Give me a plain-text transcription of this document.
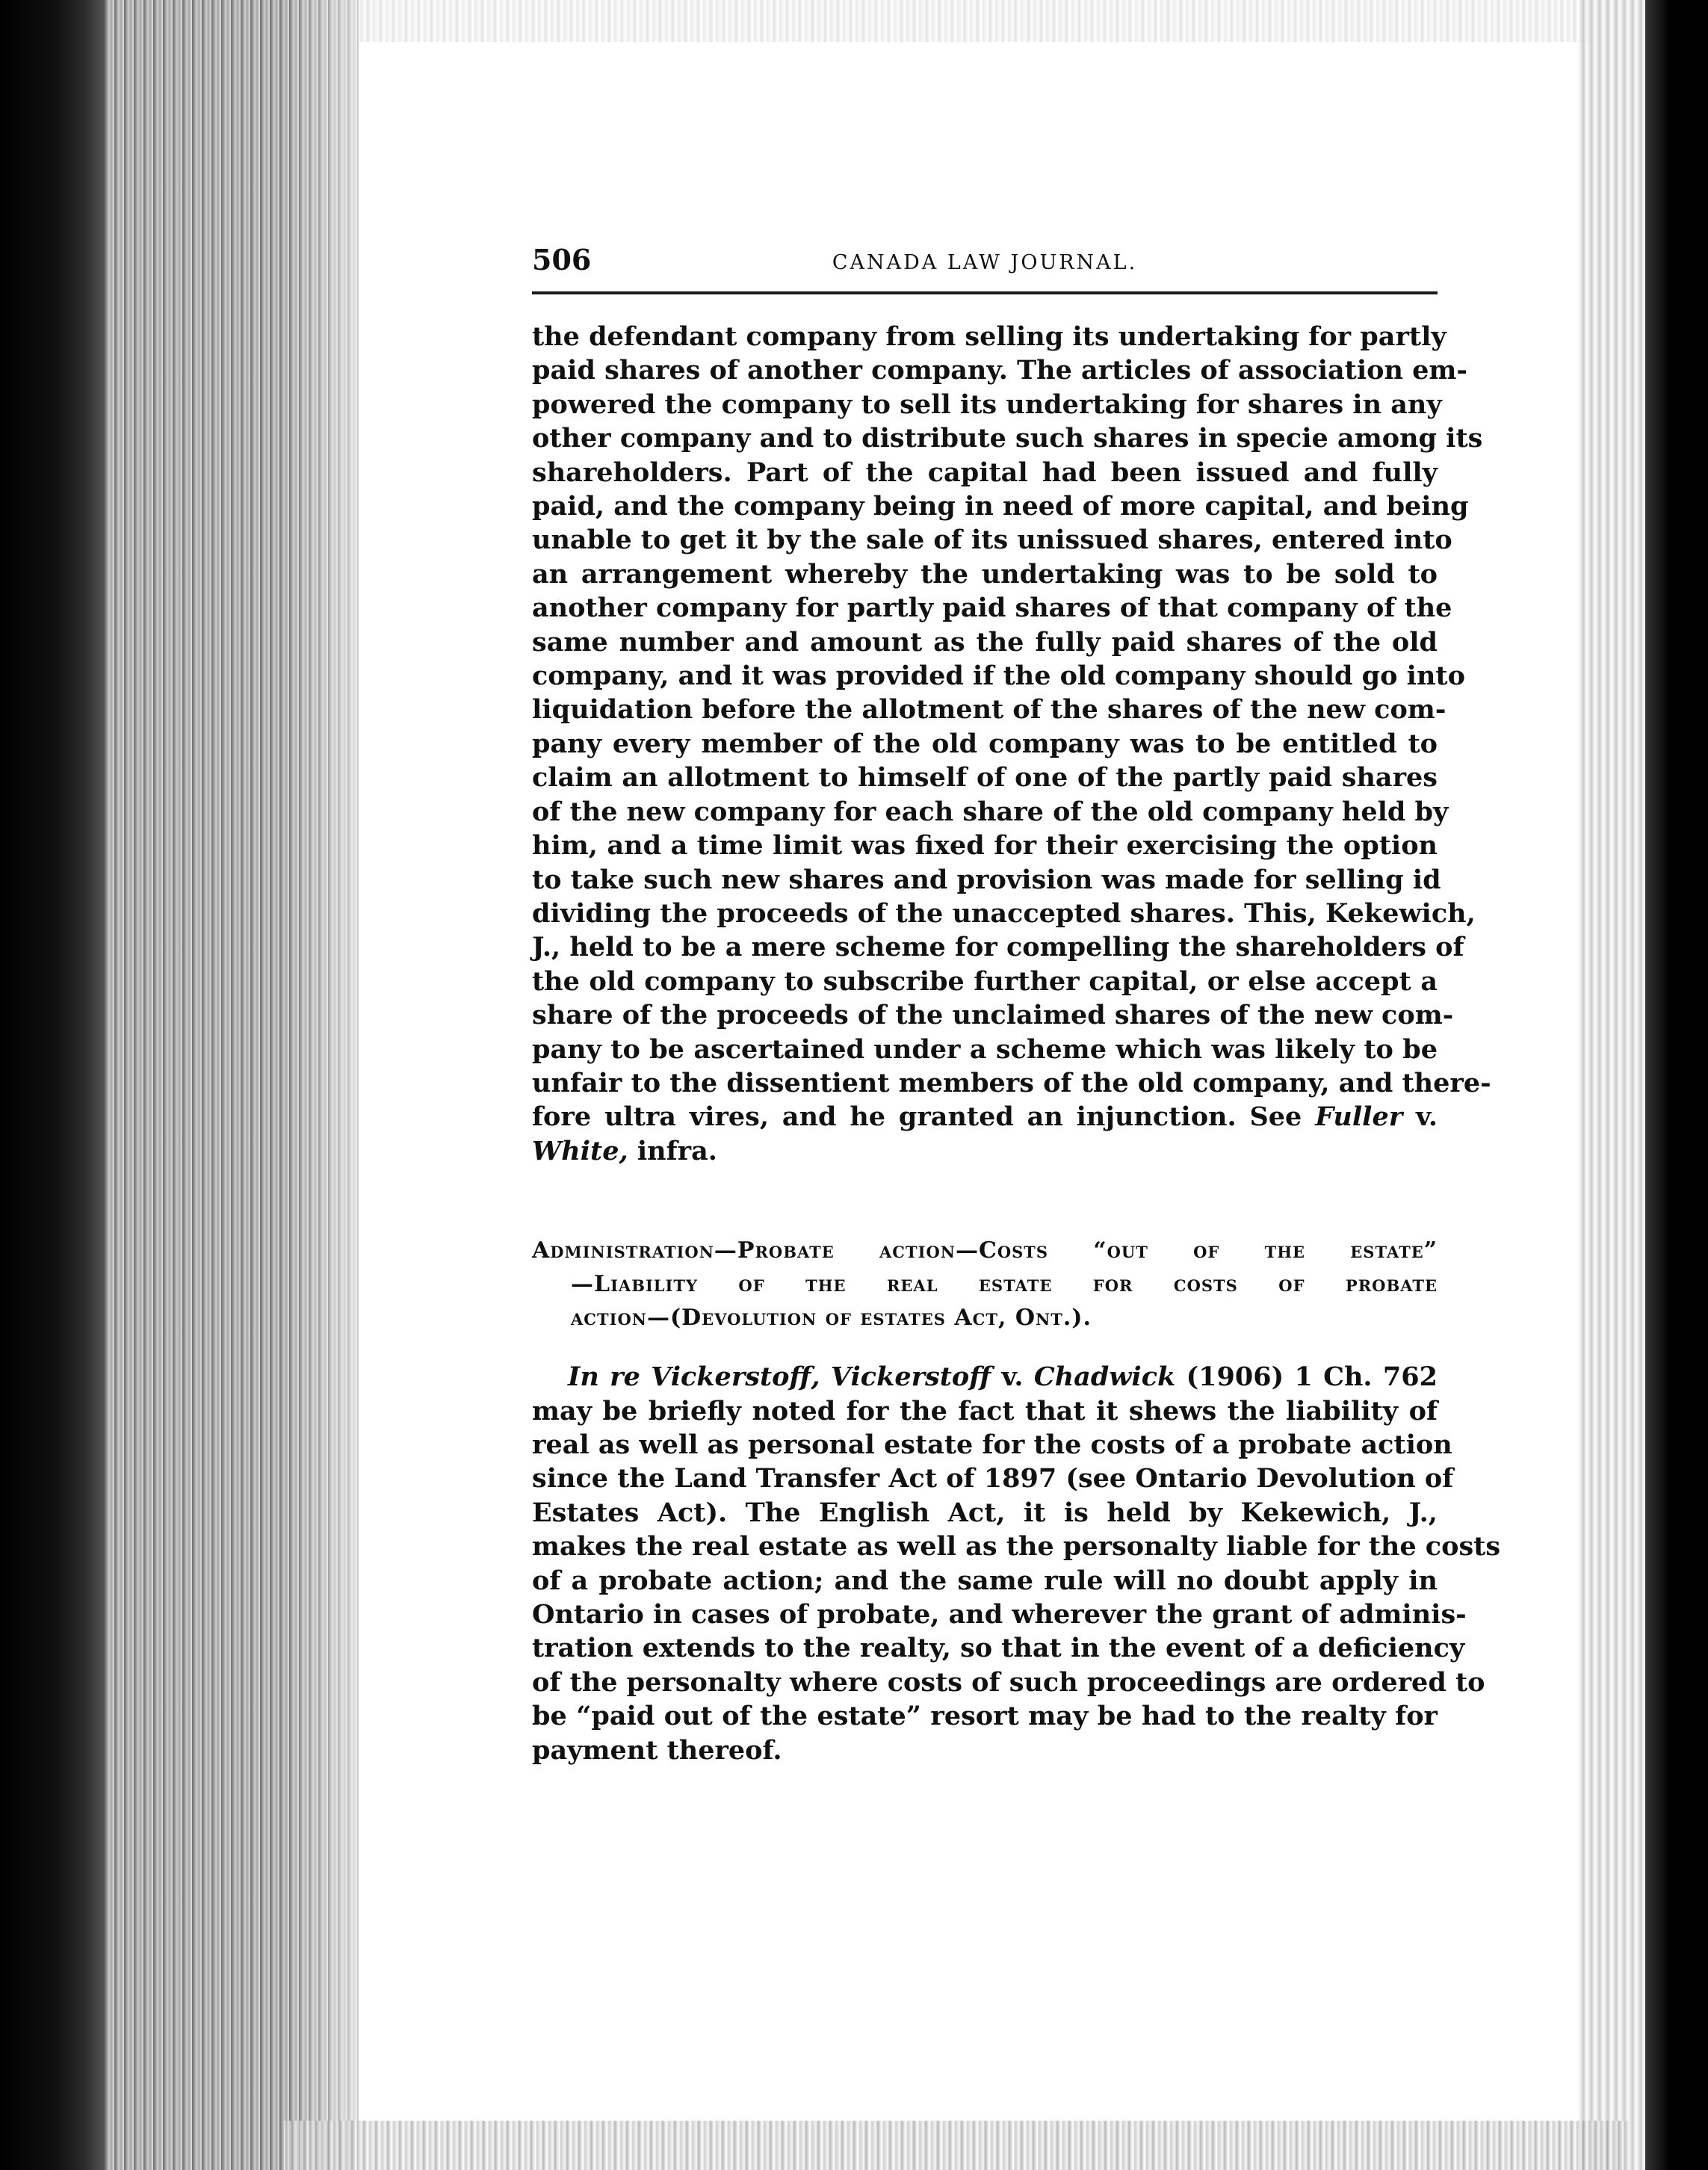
506	CANADA LAW JOURNAL.
the defendant company from selling its undertaking for partly
paid shares of another company. The articles of association em-
powered the company to sell its undertaking for shares in any
other company and to distribute such shares in specie among its
shareholders. Part of the capital had been issued and fully
paid, and the company being in need of more capital, and being
unable to get it by the sale of its unissued shares, entered into
an arrangement whereby the undertaking was to be sold to
another company for partly paid shares of that company of the
same number and amount as the fully paid shares of the old
company, and it was provided if the old company should go into
liquidation before the allotment of the shares of the new com-
pany every member of the old company was to be entitled to
claim an allotment to himself of one of the partly paid shares
of the new company for each share of the old company held by
him, and a time limit was fixed for their exercising the option
to take such new shares and provision was made for selling id
dividing the proceeds of the unaccepted shares. This, Kekewich,
J., held to be a mere scheme for compelling the shareholders of
the old company to subscribe further capital, or else accept a
share of the proceeds of the unclaimed shares of the new com-
pany to be ascertained under a scheme which was likely to be
unfair to the dissentient members of the old company, and there-
fore ultra vires, and he granted an injunction. See Fuller v.
White, infra.
Administration—Probate action—Costs “out of the estate”
—Liability of the real estate for costs of probate
action—(Devolution of estates Act, Ont.).
In re Vickerstoff, Vickerstoff v. Chadwick (1906) 1 Ch. 762
may be briefly noted for the fact that it shews the liability of
real as well as personal estate for the costs of a probate action
since the Land Transfer Act of 1897 (see Ontario Devolution of
Estates Act). The English Act, it is held by Kekewich, J.,
makes the real estate as well as the personalty liable for the costs
of a probate action; and the same rule will no doubt apply in
Ontario in cases of probate, and wherever the grant of adminis-
tration extends to the realty, so that in the event of a deficiency
of the personalty where costs of such proceedings are ordered to
be “paid out of the estate” resort may be had to the realty for
payment thereof.
